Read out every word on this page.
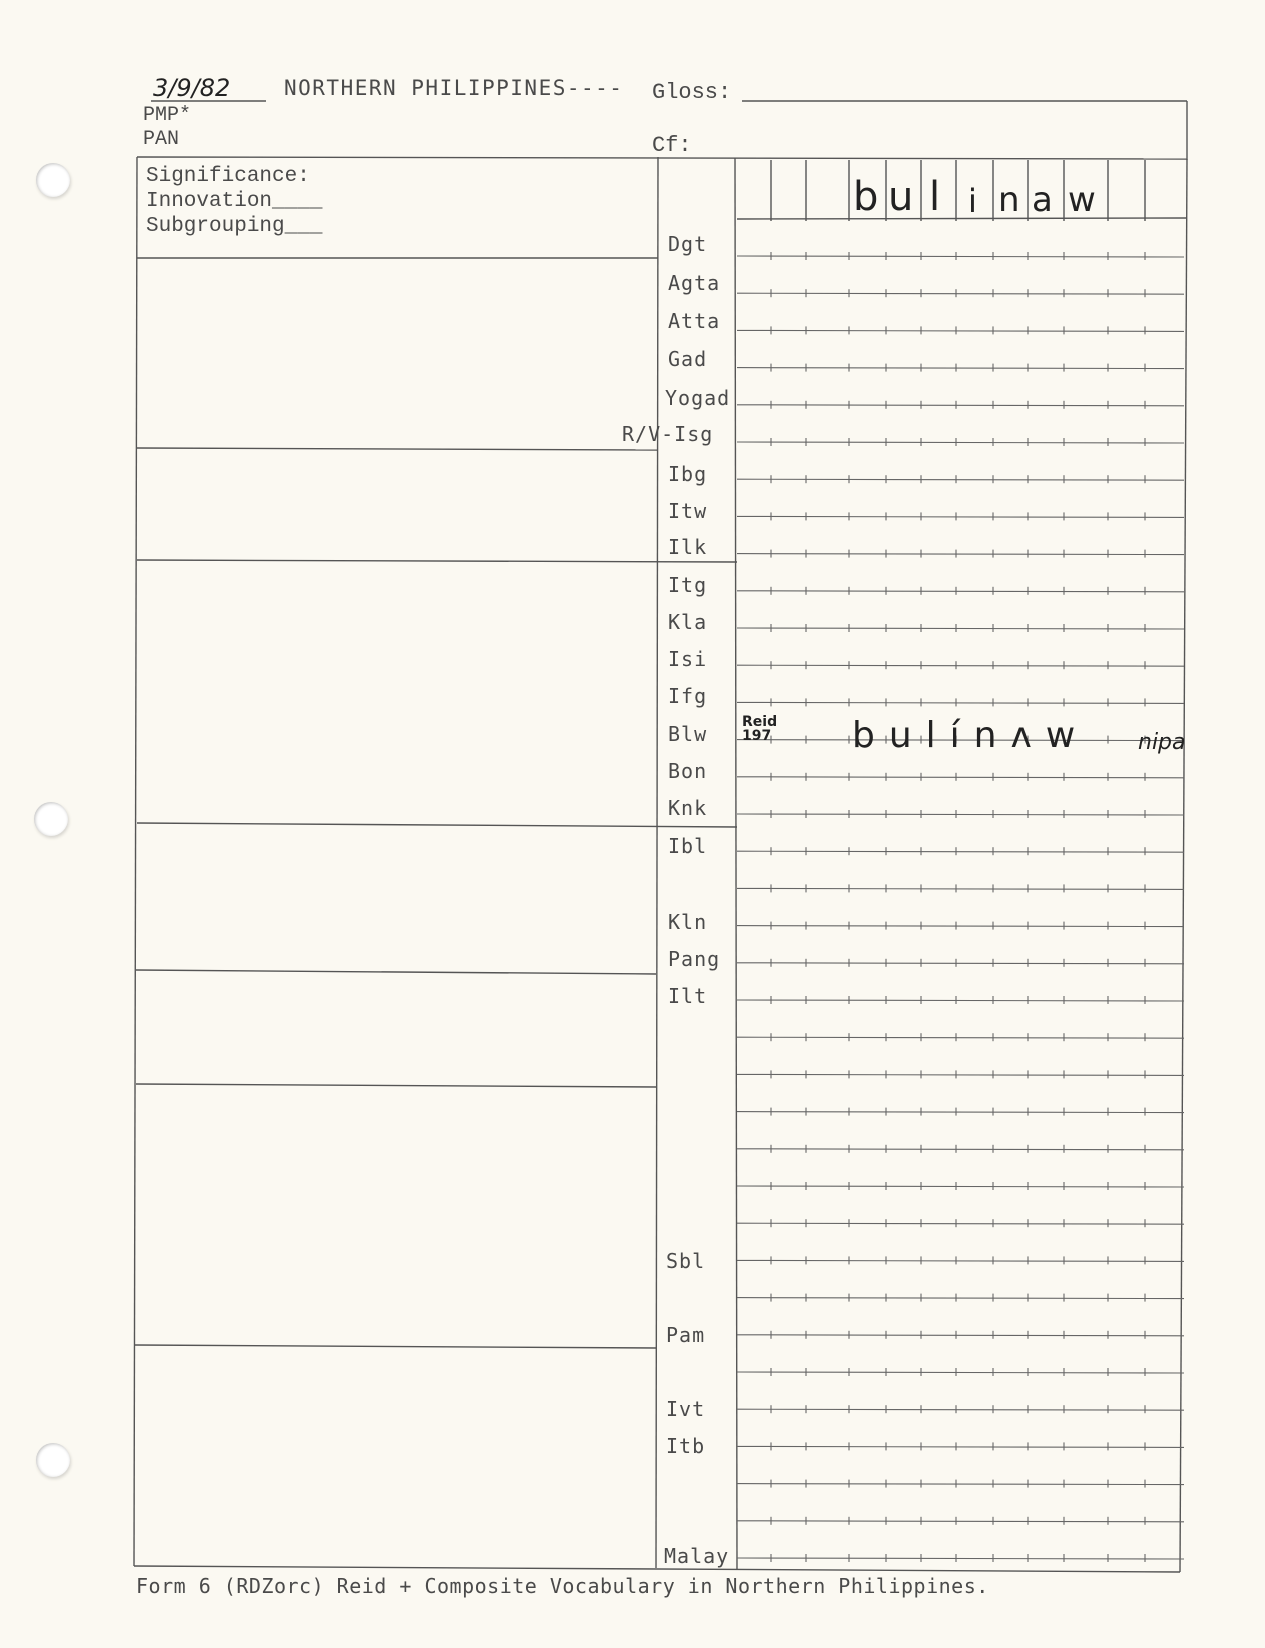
3/9/82	NORTHERN PHILIPPINES---- Gloss:
PMP*
PAN	Cf:
Significance:
Innovation____
Subgrouping___
b u l i n a w
Dgt
Agta
Atta
Gad
Yogad
R/V-Isg
Ibg
Itw
Ilk
Itg
Kla
Isi
Ifg
Blw
Bon
Knk
Ibl
Kln
Pang
Ilt
Sbl
Pam
Ivt
Itb
Malay
Reid
197 bulínʌw nipa
Form 6 (RDZorc) Reid + Composite Vocabulary in Northern Philippines.
